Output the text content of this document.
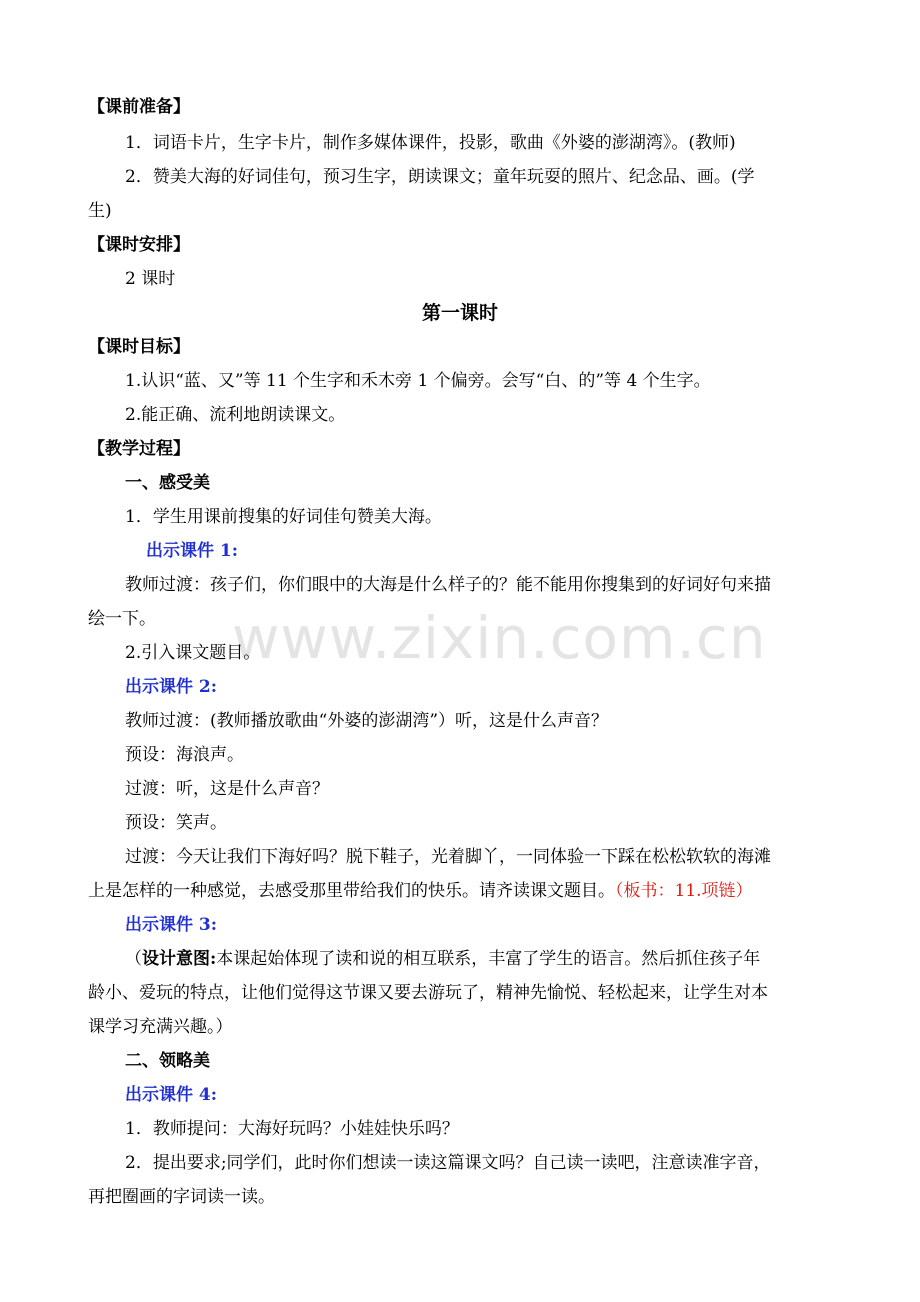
www.zixin.com.cn
【课前准备】
1．词语卡片，生字卡片，制作多媒体课件，投影，歌曲《外婆的澎湖湾》。(教师)
2．赞美大海的好词佳句，预习生字，朗读课文；童年玩耍的照片、纪念品、画。(学
生)
【课时安排】
2 课时
第一课时
【课时目标】
1.认识“蓝、又”等 11 个生字和禾木旁 1 个偏旁。会写“白、的”等 4 个生字。
2.能正确、流利地朗读课文。
【教学过程】
一、感受美
1．学生用课前搜集的好词佳句赞美大海。
出示课件 1:
教师过渡：孩子们，你们眼中的大海是什么样子的？能不能用你搜集到的好词好句来描
绘一下。
2.引入课文题目。
出示课件 2:
教师过渡：(教师播放歌曲“外婆的澎湖湾”）听，这是什么声音？
预设：海浪声。
过渡：听，这是什么声音？
预设：笑声。
过渡：今天让我们下海好吗？脱下鞋子，光着脚丫，一同体验一下踩在松松软软的海滩
上是怎样的一种感觉，去感受那里带给我们的快乐。请齐读课文题目。（板书：11.项链）
出示课件 3:
（设计意图:本课起始体现了读和说的相互联系，丰富了学生的语言。然后抓住孩子年
龄小、爱玩的特点，让他们觉得这节课又要去游玩了，精神先愉悦、轻松起来，让学生对本
课学习充满兴趣。）
二、领略美
出示课件 4:
1．教师提问：大海好玩吗？小娃娃快乐吗？
2．提出要求;同学们，此时你们想读一读这篇课文吗？自己读一读吧，注意读准字音，
再把圈画的字词读一读。
